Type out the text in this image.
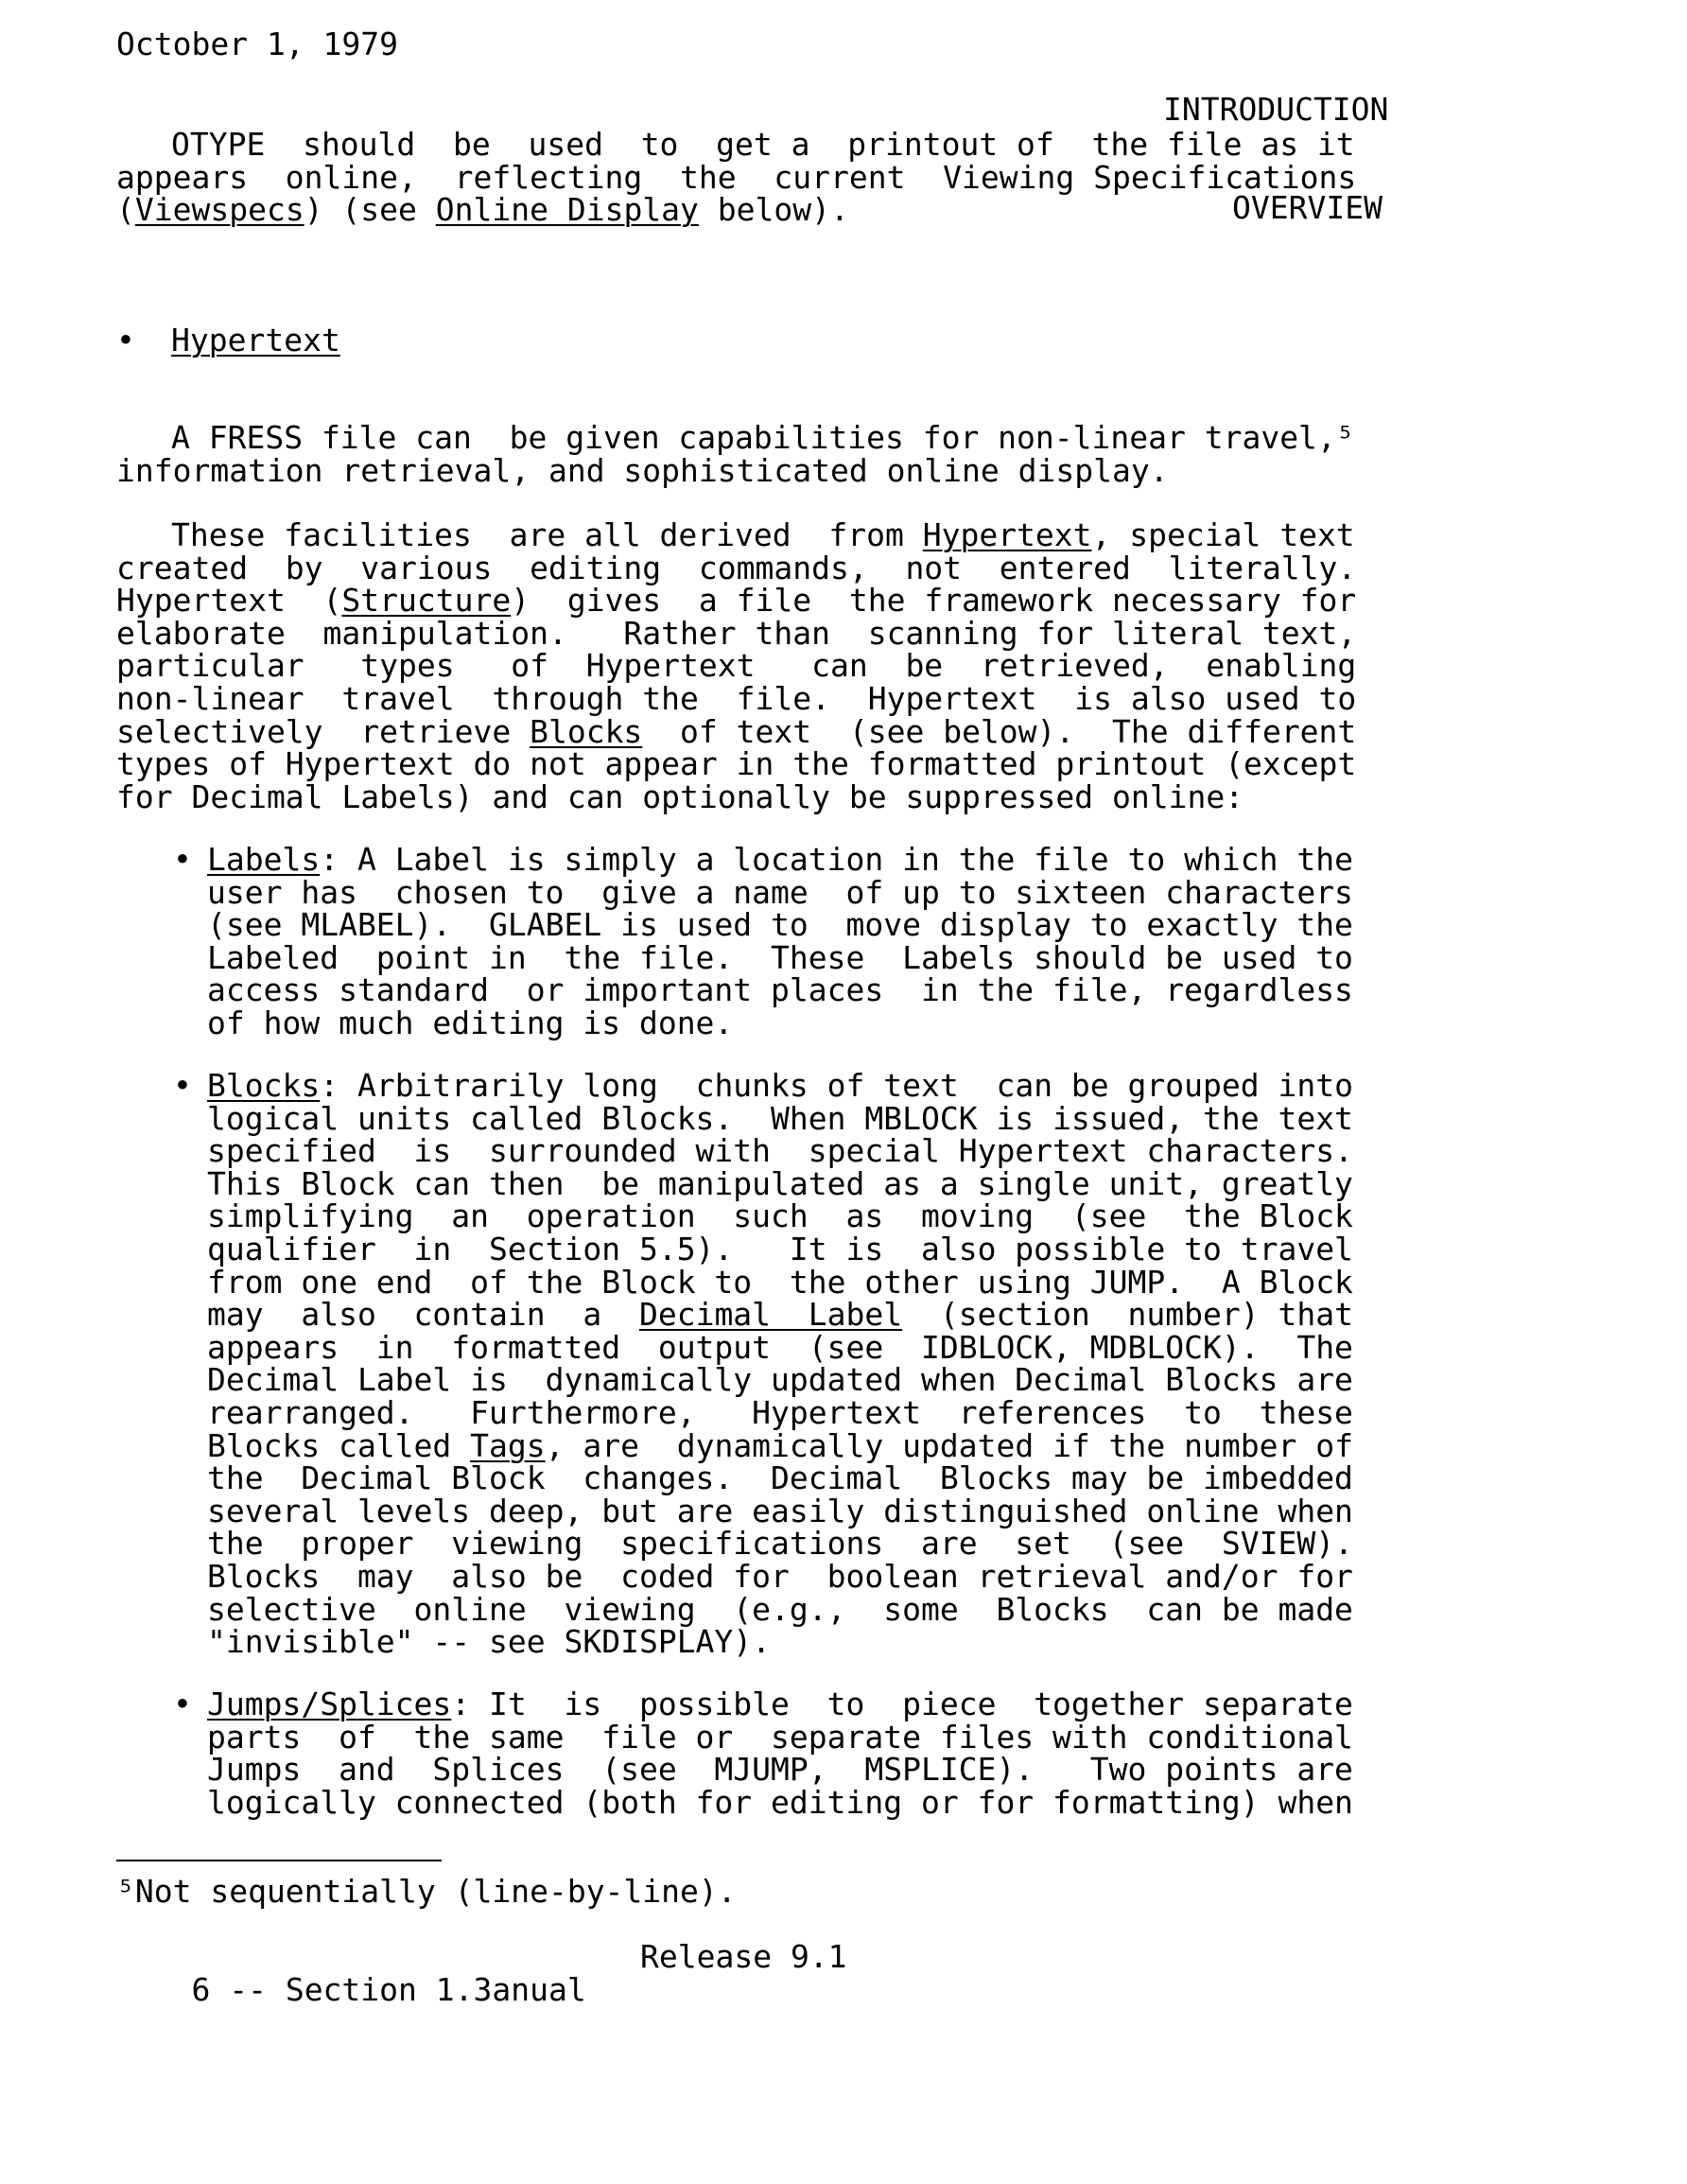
October 1, 1979

INTRODUCTION

OVERVIEW

OTYPE  should  be  used  to  get a  printout of  the file as it
appears  online,  reflecting  the  current  Viewing Specifications
(Viewspecs) (see Online Display below).
• Hypertext
A FRESS file can  be given capabilities for non-linear travel,⁵
information retrieval, and sophisticated online display.
These facilities  are all derived  from Hypertext, special text
created  by  various  editing  commands,  not  entered  literally.
Hypertext  (Structure)  gives  a file  the framework necessary for
elaborate  manipulation.   Rather than  scanning for literal text,
particular   types   of  Hypertext   can  be  retrieved,  enabling
non-linear  travel  through the  file.  Hypertext  is also used to
selectively  retrieve Blocks  of text  (see below).  The different
types of Hypertext do not appear in the formatted printout (except
for Decimal Labels) and can optionally be suppressed online:
• Labels: A Label is simply a location in the file to which the
user has  chosen to  give a name  of up to sixteen characters
(see MLABEL).  GLABEL is used to  move display to exactly the
Labeled  point in  the file.  These  Labels should be used to
access standard  or important places  in the file, regardless
of how much editing is done.
• Blocks: Arbitrarily long  chunks of text  can be grouped into
logical units called Blocks.  When MBLOCK is issued, the text
specified  is  surrounded with  special Hypertext characters.
This Block can then  be manipulated as a single unit, greatly
simplifying  an  operation  such  as  moving  (see  the Block
qualifier  in  Section 5.5).   It is  also possible to travel
from one end  of the Block to  the other using JUMP.  A Block
may  also  contain  a  Decimal  Label  (section  number) that
appears  in  formatted  output  (see  IDBLOCK, MDBLOCK).  The
Decimal Label is  dynamically updated when Decimal Blocks are
rearranged.   Furthermore,   Hypertext  references  to  these
Blocks called Tags, are  dynamically updated if the number of
the  Decimal Block  changes.  Decimal  Blocks may be imbedded
several levels deep, but are easily distinguished online when
the  proper  viewing  specifications  are  set  (see  SVIEW).
Blocks  may  also be  coded for  boolean retrieval and/or for
selective  online  viewing  (e.g.,  some  Blocks  can be made
"invisible" -- see SKDISPLAY).
• Jumps/Splices: It  is  possible  to  piece  together separate
parts  of  the same  file or  separate files with conditional
Jumps  and  Splices  (see  MJUMP,  MSPLICE).   Two points are
logically connected (both for editing or for formatting) when
⁵Not sequentially (line-by-line).

6 -- Section 1.3anual

Release 9.1
